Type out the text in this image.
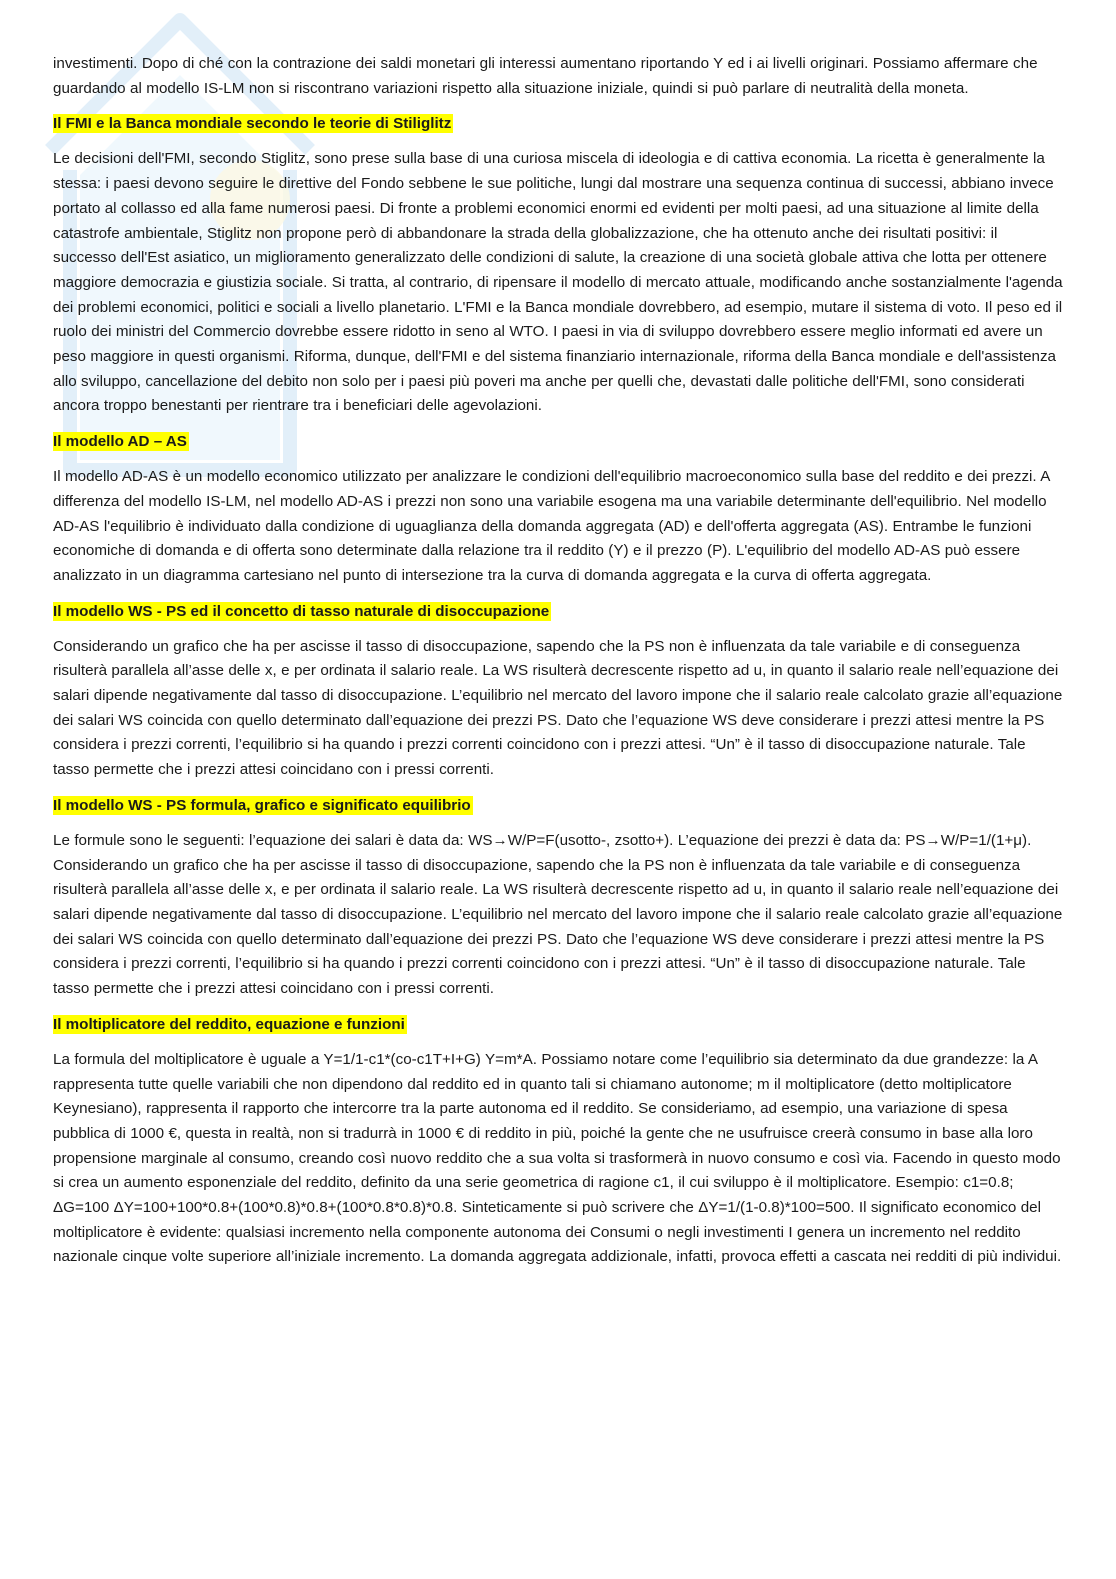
investimenti. Dopo di ché con la contrazione dei saldi monetari gli interessi aumentano riportando Y ed i ai livelli originari. Possiamo affermare che guardando al modello IS-LM non si riscontrano variazioni rispetto alla situazione iniziale, quindi si può parlare di neutralità della moneta.

Il FMI e la Banca mondiale secondo le teorie di Stiliglitz

Le decisioni dell'FMI, secondo Stiglitz, sono prese sulla base di una curiosa miscela di ideologia e di cattiva economia. La ricetta è generalmente la stessa: i paesi devono seguire le direttive del Fondo sebbene le sue politiche, lungi dal mostrare una sequenza continua di successi, abbiano invece portato al collasso ed alla fame numerosi paesi. Di fronte a problemi economici enormi ed evidenti per molti paesi, ad una situazione al limite della catastrofe ambientale, Stiglitz non propone però di abbandonare la strada della globalizzazione, che ha ottenuto anche dei risultati positivi: il successo dell'Est asiatico, un miglioramento generalizzato delle condizioni di salute, la creazione di una società globale attiva che lotta per ottenere maggiore democrazia e giustizia sociale. Si tratta, al contrario, di ripensare il modello di mercato attuale, modificando anche sostanzialmente l'agenda dei problemi economici, politici e sociali a livello planetario. L'FMI e la Banca mondiale dovrebbero, ad esempio, mutare il sistema di voto. Il peso ed il ruolo dei ministri del Commercio dovrebbe essere ridotto in seno al WTO. I paesi in via di sviluppo dovrebbero essere meglio informati ed avere un peso maggiore in questi organismi. Riforma, dunque, dell'FMI e del sistema finanziario internazionale, riforma della Banca mondiale e dell'assistenza allo sviluppo, cancellazione del debito non solo per i paesi più poveri ma anche per quelli che, devastati dalle politiche dell'FMI, sono considerati ancora troppo benestanti per rientrare tra i beneficiari delle agevolazioni.

Il modello AD – AS

Il modello AD-AS è un modello economico utilizzato per analizzare le condizioni dell'equilibrio macroeconomico sulla base del reddito e dei prezzi. A differenza del modello IS-LM, nel modello AD-AS i prezzi non sono una variabile esogena ma una variabile determinante dell'equilibrio. Nel modello AD-AS l'equilibrio è individuato dalla condizione di uguaglianza della domanda aggregata (AD) e dell'offerta aggregata (AS). Entrambe le funzioni economiche di domanda e di offerta sono determinate dalla relazione tra il reddito (Y) e il prezzo (P). L'equilibrio del modello AD-AS può essere analizzato in un diagramma cartesiano nel punto di intersezione tra la curva di domanda aggregata e la curva di offerta aggregata.

Il modello WS - PS ed il concetto di tasso naturale di disoccupazione

Considerando un grafico che ha per ascisse il tasso di disoccupazione, sapendo che la PS non è influenzata da tale variabile e di conseguenza risulterà parallela all’asse delle x, e per ordinata il salario reale. La WS risulterà decrescente rispetto ad u, in quanto il salario reale nell’equazione dei salari dipende negativamente dal tasso di disoccupazione. L’equilibrio nel mercato del lavoro impone che il salario reale calcolato grazie all’equazione dei salari WS coincida con quello determinato dall’equazione dei prezzi PS. Dato che l’equazione WS deve considerare i prezzi attesi mentre la PS considera i prezzi correnti, l’equilibrio si ha quando i prezzi correnti coincidono con i prezzi attesi. “Un” è il tasso di disoccupazione naturale. Tale tasso permette che i prezzi attesi coincidano con i pressi correnti.

Il modello WS - PS formula, grafico e significato equilibrio

Le formule sono le seguenti: l’equazione dei salari è data da: WS→W/P=F(usotto-, zsotto+). L’equazione dei prezzi è data da: PS→W/P=1/(1+μ). Considerando un grafico che ha per ascisse il tasso di disoccupazione, sapendo che la PS non è influenzata da tale variabile e di conseguenza risulterà parallela all’asse delle x, e per ordinata il salario reale. La WS risulterà decrescente rispetto ad u, in quanto il salario reale nell’equazione dei salari dipende negativamente dal tasso di disoccupazione. L’equilibrio nel mercato del lavoro impone che il salario reale calcolato grazie all’equazione dei salari WS coincida con quello determinato dall’equazione dei prezzi PS. Dato che l’equazione WS deve considerare i prezzi attesi mentre la PS considera i prezzi correnti, l’equilibrio si ha quando i prezzi correnti coincidono con i prezzi attesi. “Un” è il tasso di disoccupazione naturale. Tale tasso permette che i prezzi attesi coincidano con i pressi correnti.

Il moltiplicatore del reddito, equazione e funzioni

La formula del moltiplicatore è uguale a Y=1/1-c1*(co-c1T+I+G) Y=m*A. Possiamo notare come l’equilibrio sia determinato da due grandezze: la A rappresenta tutte quelle variabili che non dipendono dal reddito ed in quanto tali si chiamano autonome; m il moltiplicatore (detto moltiplicatore Keynesiano), rappresenta il rapporto che intercorre tra la parte autonoma ed il reddito. Se consideriamo, ad esempio, una variazione di spesa pubblica di 1000 €, questa in realtà, non si tradurrà in 1000 € di reddito in più, poiché la gente che ne usufruisce creerà consumo in base alla loro propensione marginale al consumo, creando così nuovo reddito che a sua volta si trasformerà in nuovo consumo e così via. Facendo in questo modo si crea un aumento esponenziale del reddito, definito da una serie geometrica di ragione c1, il cui sviluppo è il moltiplicatore. Esempio: c1=0.8; ΔG=100 ΔY=100+100*0.8+(100*0.8)*0.8+(100*0.8*0.8)*0.8. Sinteticamente si può scrivere che ΔY=1/(1-0.8)*100=500. Il significato economico del moltiplicatore è evidente: qualsiasi incremento nella componente autonoma dei Consumi o negli investimenti I genera un incremento nel reddito nazionale cinque volte superiore all’iniziale incremento. La domanda aggregata addizionale, infatti, provoca effetti a cascata nei redditi di più individui.
